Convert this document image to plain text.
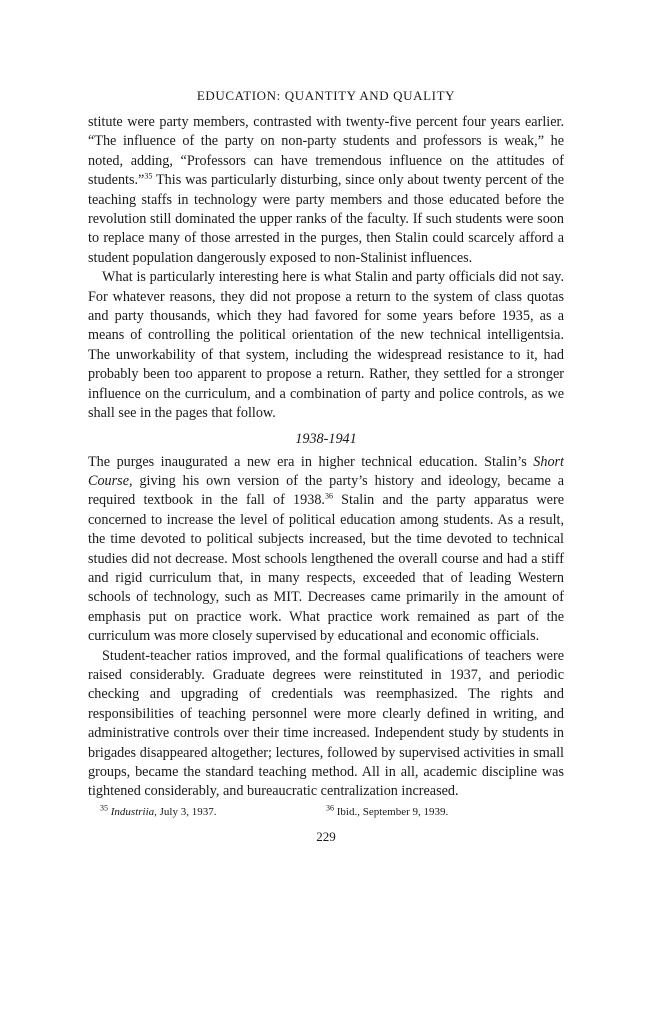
EDUCATION: QUANTITY AND QUALITY

stitute were party members, contrasted with twenty-five percent four years earlier. “The influence of the party on non-party students and professors is weak,” he noted, adding, “Professors can have tremendous influence on the attitudes of students.”$^{35}$ This was particularly disturbing, since only about twenty percent of the teaching staffs in technology were party members and those educated before the revolution still dominated the upper ranks of the faculty. If such students were soon to replace many of those arrested in the purges, then Stalin could scarcely afford a student population dangerously exposed to non-Stalinist influences.

What is particularly interesting here is what Stalin and party officials did not say. For whatever reasons, they did not propose a return to the system of class quotas and party thousands, which they had favored for some years before 1935, as a means of controlling the political orientation of the new technical intelligentsia. The unworkability of that system, including the widespread resistance to it, had probably been too apparent to propose a return. Rather, they settled for a stronger influence on the curriculum, and a combination of party and police controls, as we shall see in the pages that follow.

1938-1941

The purges inaugurated a new era in higher technical education. Stalin’s Short Course, giving his own version of the party’s history and ideology, became a required textbook in the fall of 1938.36 Stalin and the party apparatus were concerned to increase the level of political education among students. As a result, the time devoted to political subjects increased, but the time devoted to technical studies did not decrease. Most schools lengthened the overall course and had a stiff and rigid curriculum that, in many respects, exceeded that of leading Western schools of technology, such as MIT. Decreases came primarily in the amount of emphasis put on practice work. What practice work remained as part of the curriculum was more closely supervised by educational and economic officials.

Student-teacher ratios improved, and the formal qualifications of teachers were raised considerably. Graduate degrees were reinstituted in 1937, and periodic checking and upgrading of credentials was reemphasized. The rights and responsibilities of teaching personnel were more clearly defined in writing, and administrative controls over their time increased. Independent study by students in brigades disappeared altogether; lectures, followed by supervised activities in small groups, became the standard teaching method. All in all, academic discipline was tightened considerably, and bureaucratic centralization increased.

$^{35}$ Industriia, July 3, 1937.	$^{36}$ Ibid., September 9, 1939.
229
